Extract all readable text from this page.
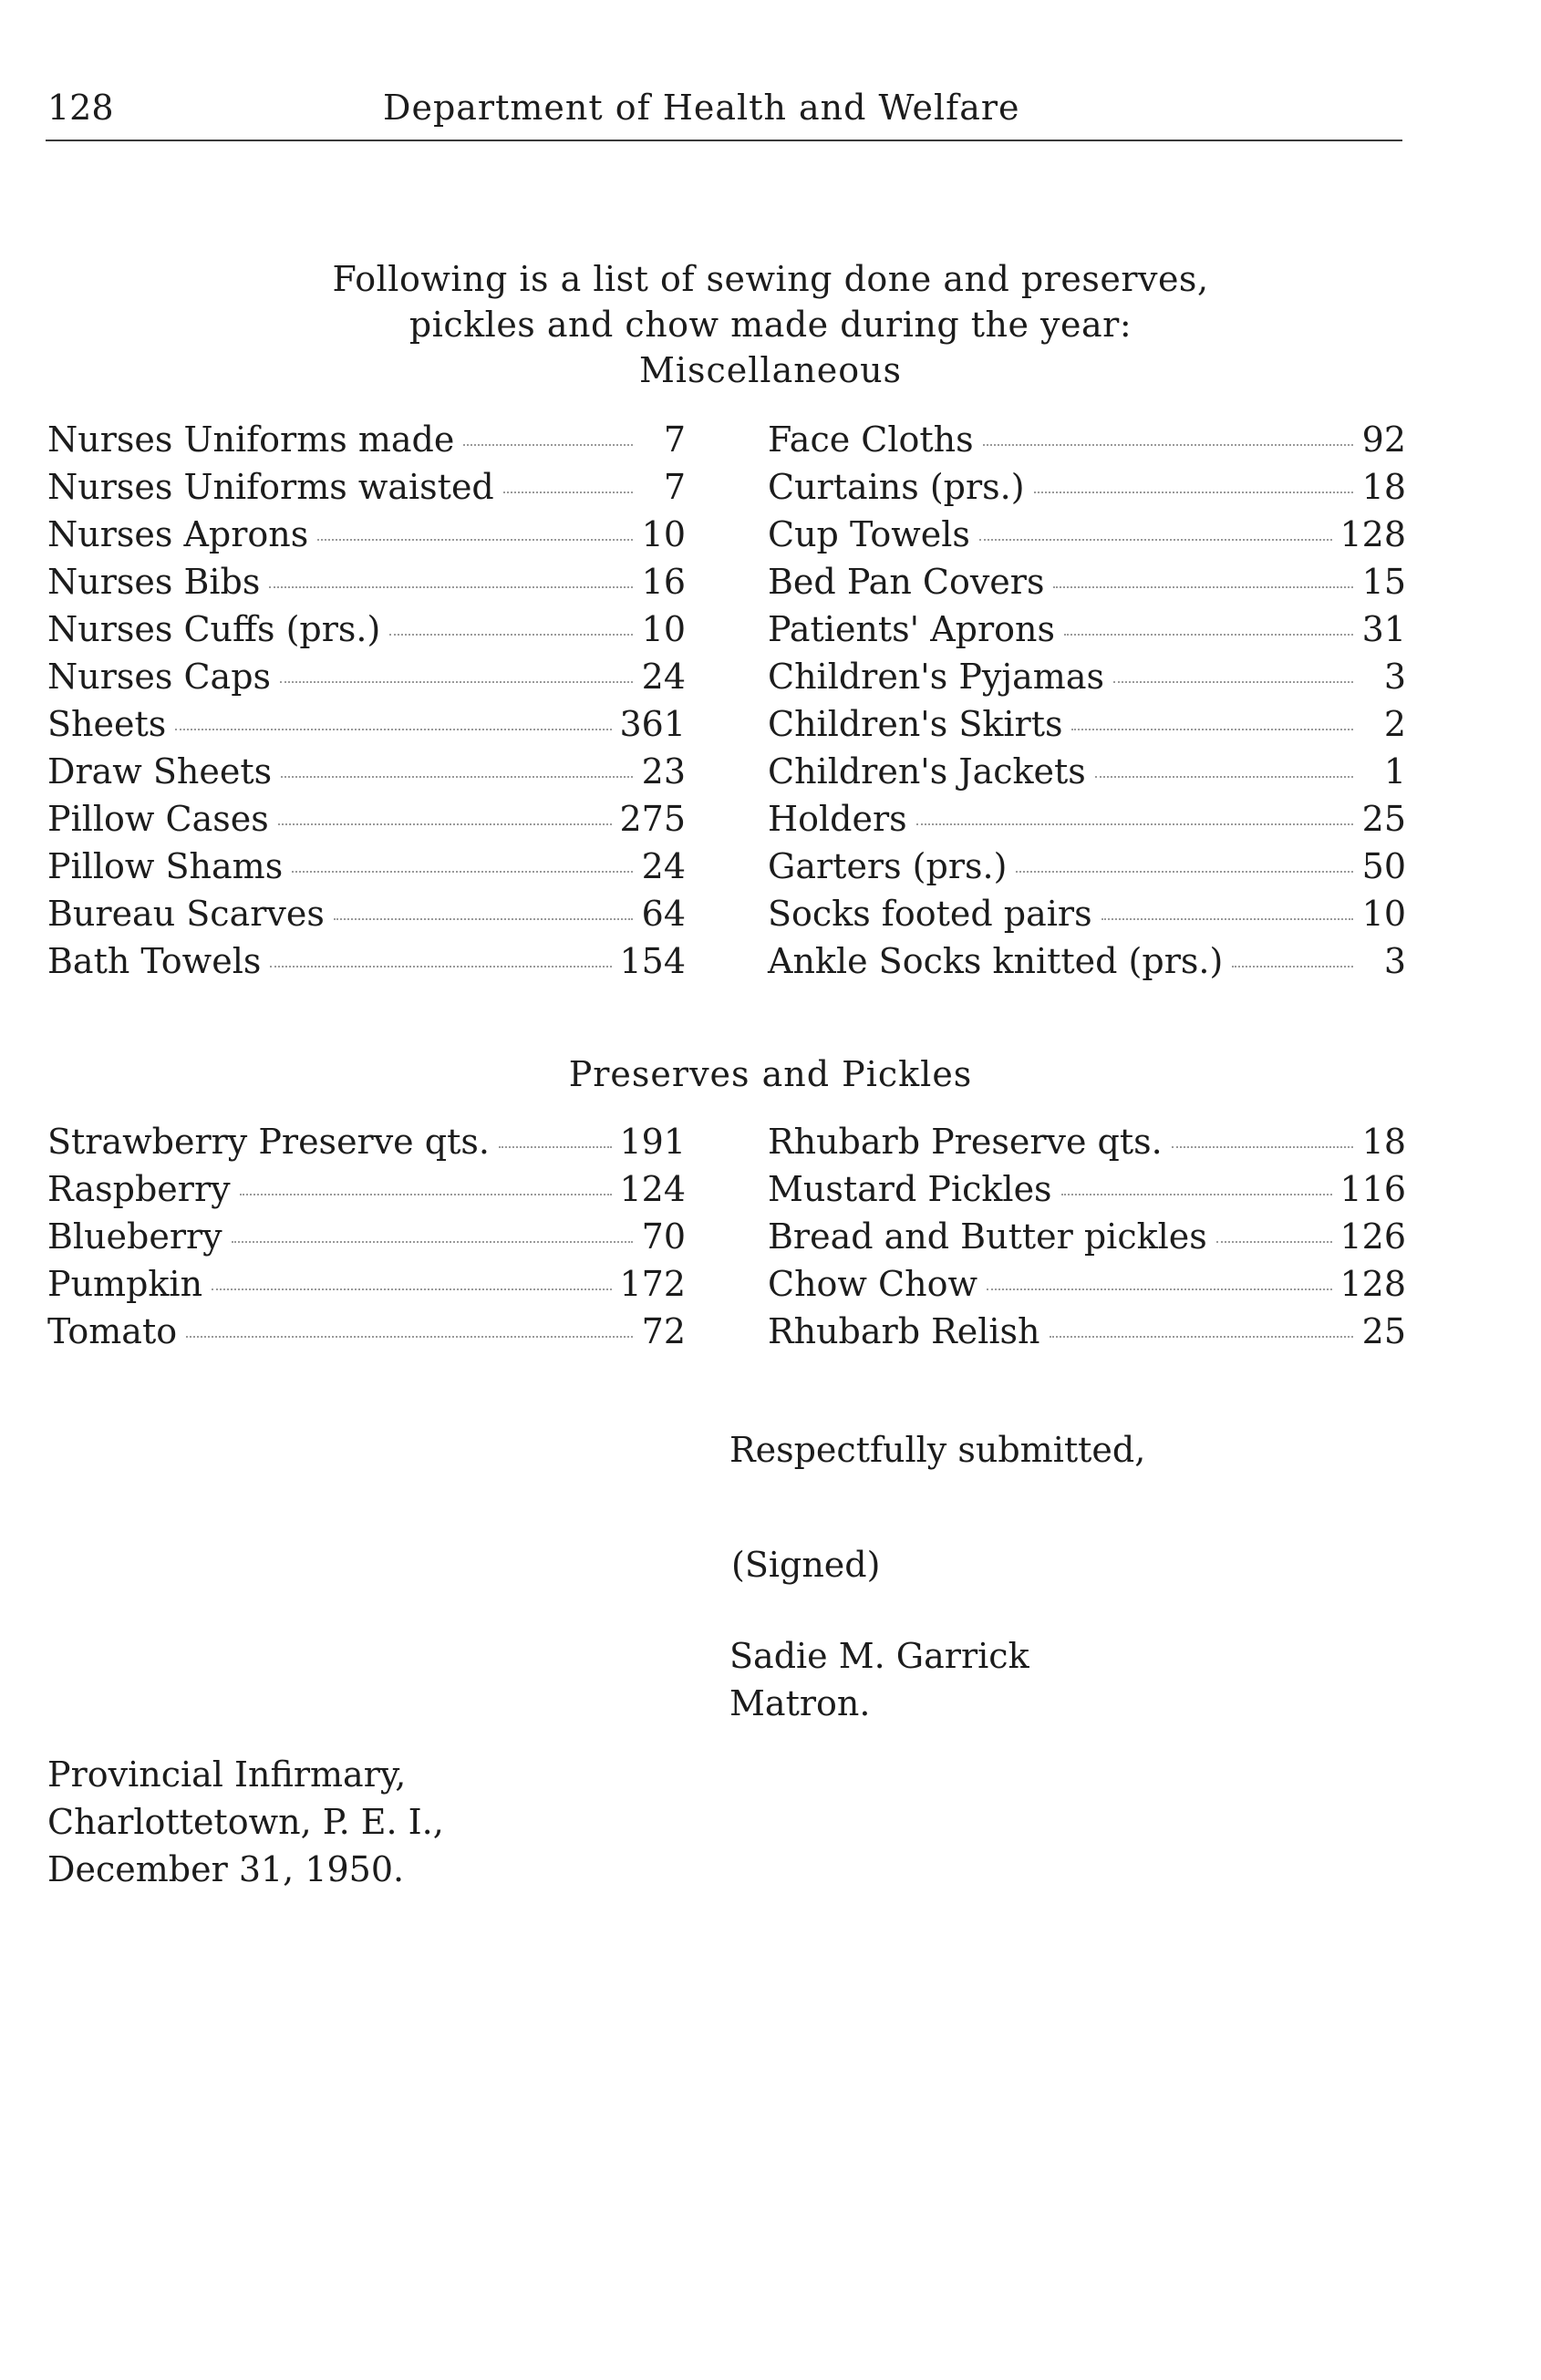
128	Department of Health and Welfare
Following is a list of sewing done and preserves,
pickles and chow made during the year:
Miscellaneous
Nurses Uniforms made	7
Nurses Uniforms waisted	7
Nurses Aprons	10
Nurses Bibs	16
Nurses Cuffs (prs.)	10
Nurses Caps	24
Sheets	361
Draw Sheets	23
Pillow Cases	275
Pillow Shams	24
Bureau Scarves	64
Bath Towels	154
Face Cloths	92
Curtains (prs.)	18
Cup Towels	128
Bed Pan Covers	15
Patients' Aprons	31
Children's Pyjamas	3
Children's Skirts	2
Children's Jackets	1
Holders	25
Garters (prs.)	50
Socks footed pairs	10
Ankle Socks knitted (prs.)	3
Preserves and Pickles
Strawberry Preserve qts.	191
Raspberry	124
Blueberry	70
Pumpkin	172
Tomato	72
Rhubarb Preserve qts.	18
Mustard Pickles	116
Bread and Butter pickles	126
Chow Chow	128
Rhubarb Relish	25
Respectfully submitted,
(Signed)
Sadie M. Garrick
Matron.
Provincial Infirmary,
Charlottetown, P. E. I.,
December 31, 1950.
